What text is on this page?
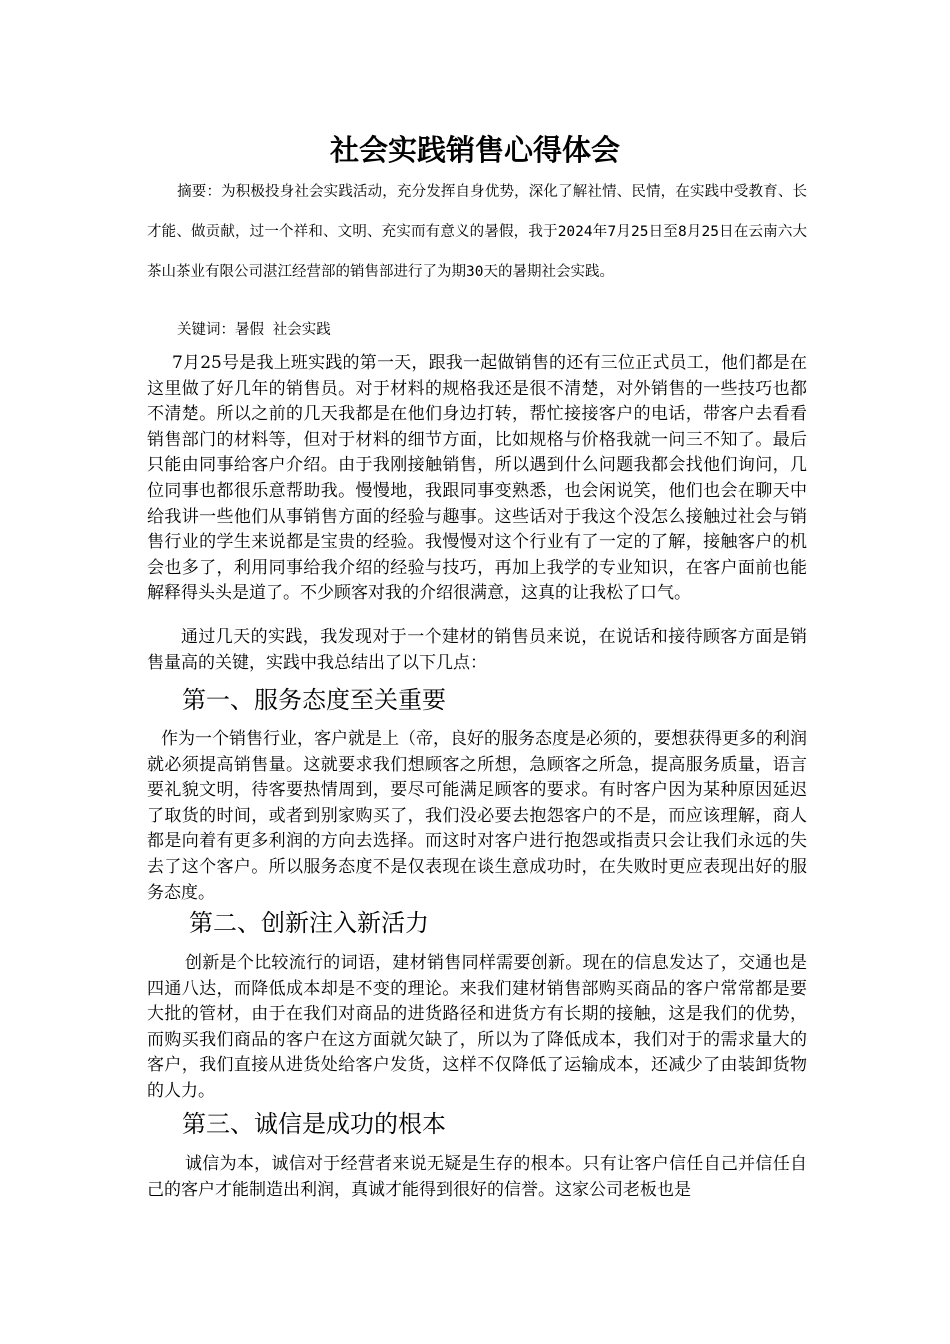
社会实践销售心得体会
摘要：为积极投身社会实践活动，充分发挥自身优势，深化了解社情、民情，在实践中受教育、长才能、做贡献，过一个祥和、文明、充实而有意义的暑假，我于2024年7月25日至8月25日在云南六大茶山茶业有限公司湛江经营部的销售部进行了为期30天的暑期社会实践。
关键词：暑假 社会实践

7月25号是我上班实践的第一天，跟我一起做销售的还有三位正式员工，他们都是在这里做了好几年的销售员。对于材料的规格我还是很不清楚，对外销售的一些技巧也都不清楚。所以之前的几天我都是在他们身边打转，帮忙接接客户的电话，带客户去看看销售部门的材料等，但对于材料的细节方面，比如规格与价格我就一问三不知了。最后只能由同事给客户介绍。由于我刚接触销售，所以遇到什么问题我都会找他们询问，几位同事也都很乐意帮助我。慢慢地，我跟同事变熟悉，也会闲说笑，他们也会在聊天中给我讲一些他们从事销售方面的经验与趣事。这些话对于我这个没怎么接触过社会与销售行业的学生来说都是宝贵的经验。我慢慢对这个行业有了一定的了解，接触客户的机会也多了，利用同事给我介绍的经验与技巧，再加上我学的专业知识，在客户面前也能解释得头头是道了。不少顾客对我的介绍很满意，这真的让我松了口气。

通过几天的实践，我发现对于一个建材的销售员来说，在说话和接待顾客方面是销售量高的关键，实践中我总结出了以下几点：

第一、服务态度至关重要

作为一个销售行业，客户就是上（帝，良好的服务态度是必须的，要想获得更多的利润就必须提高销售量。这就要求我们想顾客之所想，急顾客之所急，提高服务质量，语言要礼貌文明，待客要热情周到，要尽可能满足顾客的要求。有时客户因为某种原因延迟了取货的时间，或者到别家购买了，我们没必要去抱怨客户的不是，而应该理解，商人都是向着有更多利润的方向去选择。而这时对客户进行抱怨或指责只会让我们永远的失去了这个客户。所以服务态度不是仅表现在谈生意成功时，在失败时更应表现出好的服务态度。

第二、创新注入新活力

创新是个比较流行的词语，建材销售同样需要创新。现在的信息发达了，交通也是四通八达，而降低成本却是不变的理论。来我们建材销售部购买商品的客户常常都是要大批的管材，由于在我们对商品的进货路径和进货方有长期的接触，这是我们的优势，而购买我们商品的客户在这方面就欠缺了，所以为了降低成本，我们对于的需求量大的客户，我们直接从进货处给客户发货，这样不仅降低了运输成本，还减少了由装卸货物的人力。

第三、诚信是成功的根本

诚信为本，诚信对于经营者来说无疑是生存的根本。只有让客户信任自己并信任自己的客户才能制造出利润，真诚才能得到很好的信誉。这家公司老板也是
